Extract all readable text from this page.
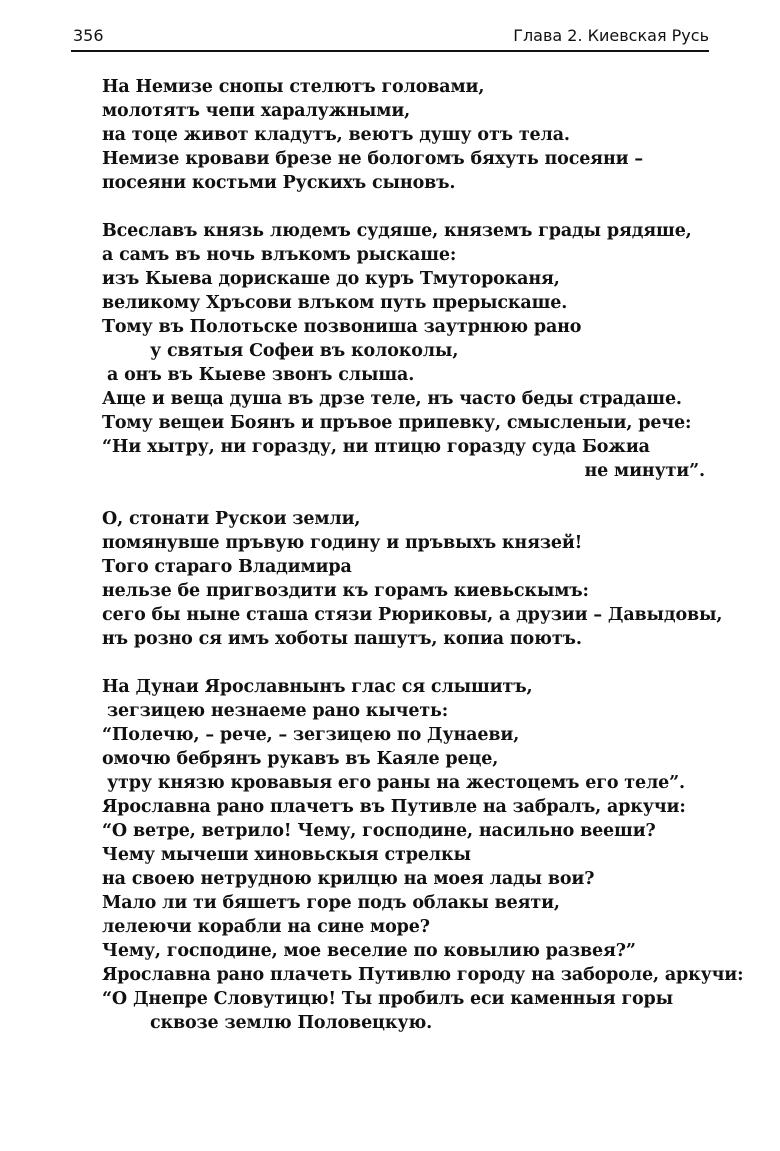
356	Глава 2. Киевская Русь
На Немизе снопы стелютъ головами,
молотятъ чепи харалужными,
на тоце живот кладутъ, веютъ душу отъ тела.
Немизе кровави брезе не бологомъ бяхуть посеяни –
посеяни костьми Рускихъ сыновъ.
Всеславъ князь людемъ судяше, княземъ грады рядяше,
а самъ въ ночь влъкомъ рыскаше:
изъ Кыева дорискаше до куръ Тмутороканя,
великому Хръсови влъком путь прерыскаше.
Тому въ Полотьске позвониша заутрнюю рано
у святыя Софеи въ колоколы,
а онъ въ Кыеве звонъ слыша.
Аще и веща душа въ дрзе теле, нъ часто беды страдаше.
Тому вещеи Боянъ и пръвое припевку, смысленыи, рече:
“Ни хытру, ни горазду, ни птицю горазду суда Божиа
не минути”.
О, стонати Рускои земли,
помянувше пръвую годину и пръвыхъ князей!
Того стараго Владимира
нельзе бе пригвоздити къ горамъ киевьскымъ:
сего бы ныне сташа стязи Рюриковы, а друзии – Давыдовы,
нъ розно ся имъ хоботы пашутъ, копиа поютъ.
На Дунаи Ярославнынъ глас ся слышитъ,
зегзицею незнаеме рано кычеть:
“Полечю, – рече, – зегзицею по Дунаеви,
омочю бебрянъ рукавъ въ Каяле реце,
утру князю кровавыя его раны на жестоцемъ его теле”.
Ярославна рано плачетъ въ Путивле на забралъ, аркучи:
“О ветре, ветрило! Чему, господине, насильно вееши?
Чему мычеши хиновьскыя стрелкы
на своею нетрудною крилцю на моея лады вои?
Мало ли ти бяшетъ горе подъ облакы веяти,
лелеючи корабли на сине море?
Чему, господине, мое веселие по ковылию развея?”
Ярославна рано плачеть Путивлю городу на забороле, аркучи:
“О Днепре Словутицю! Ты пробилъ еси каменныя горы
сквозе землю Половецкую.
